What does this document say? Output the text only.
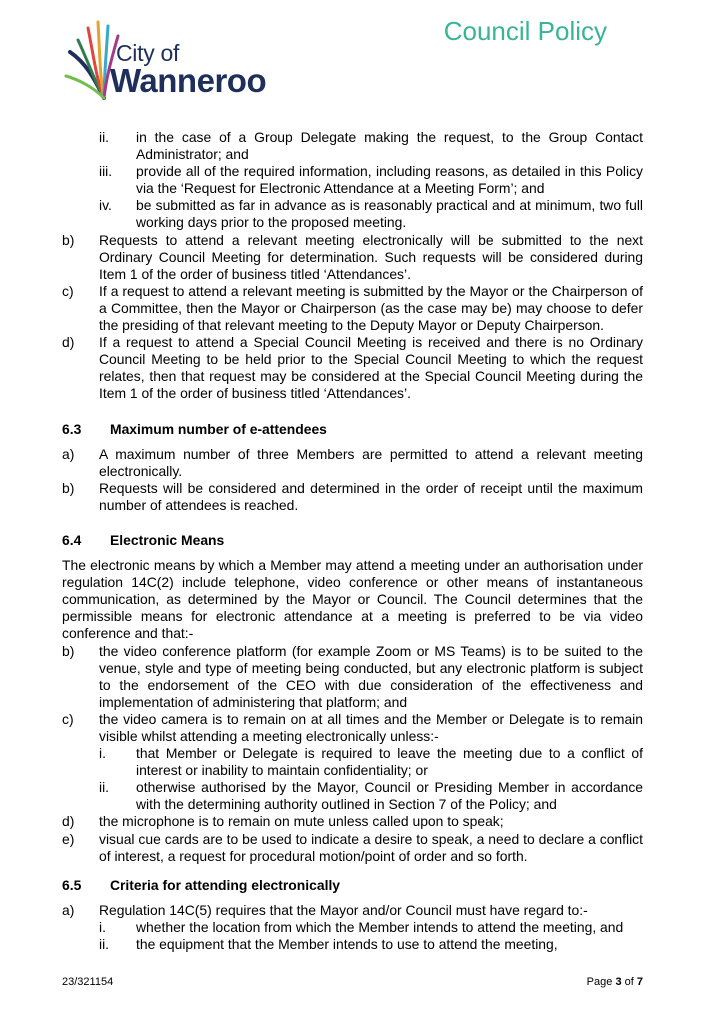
City of
Wanneroo
Council Policy
ii.	in the case of a Group Delegate making the request, to the Group Contact Administrator; and
iii.	provide all of the required information, including reasons, as detailed in this Policy via the ‘Request for Electronic Attendance at a Meeting Form’; and
iv.	be submitted as far in advance as is reasonably practical and at minimum, two full working days prior to the proposed meeting.
b)	Requests to attend a relevant meeting electronically will be submitted to the next Ordinary Council Meeting for determination. Such requests will be considered during Item 1 of the order of business titled ‘Attendances’.
c)	If a request to attend a relevant meeting is submitted by the Mayor or the Chairperson of a Committee, then the Mayor or Chairperson (as the case may be) may choose to defer the presiding of that relevant meeting to the Deputy Mayor or Deputy Chairperson.
d)	If a request to attend a Special Council Meeting is received and there is no Ordinary Council Meeting to be held prior to the Special Council Meeting to which the request relates, then that request may be considered at the Special Council Meeting during the Item 1 of the order of business titled ‘Attendances’.
6.3	Maximum number of e-attendees
a)	A maximum number of three Members are permitted to attend a relevant meeting electronically.
b)	Requests will be considered and determined in the order of receipt until the maximum number of attendees is reached.
6.4	Electronic Means
The electronic means by which a Member may attend a meeting under an authorisation under regulation 14C(2) include telephone, video conference or other means of instantaneous communication, as determined by the Mayor or Council. The Council determines that the permissible means for electronic attendance at a meeting is preferred to be via video conference and that:-
b)	the video conference platform (for example Zoom or MS Teams) is to be suited to the venue, style and type of meeting being conducted, but any electronic platform is subject to the endorsement of the CEO with due consideration of the effectiveness and implementation of administering that platform; and
c)	the video camera is to remain on at all times and the Member or Delegate is to remain visible whilst attending a meeting electronically unless:-
i.	that Member or Delegate is required to leave the meeting due to a conflict of interest or inability to maintain confidentiality; or
ii.	otherwise authorised by the Mayor, Council or Presiding Member in accordance with the determining authority outlined in Section 7 of the Policy; and
d)	the microphone is to remain on mute unless called upon to speak;
e)	visual cue cards are to be used to indicate a desire to speak, a need to declare a conflict of interest, a request for procedural motion/point of order and so forth.
6.5	Criteria for attending electronically
a)	Regulation 14C(5) requires that the Mayor and/or Council must have regard to:-
i.	whether the location from which the Member intends to attend the meeting, and
ii.	the equipment that the Member intends to use to attend the meeting,
23/321154	Page 3 of 7
